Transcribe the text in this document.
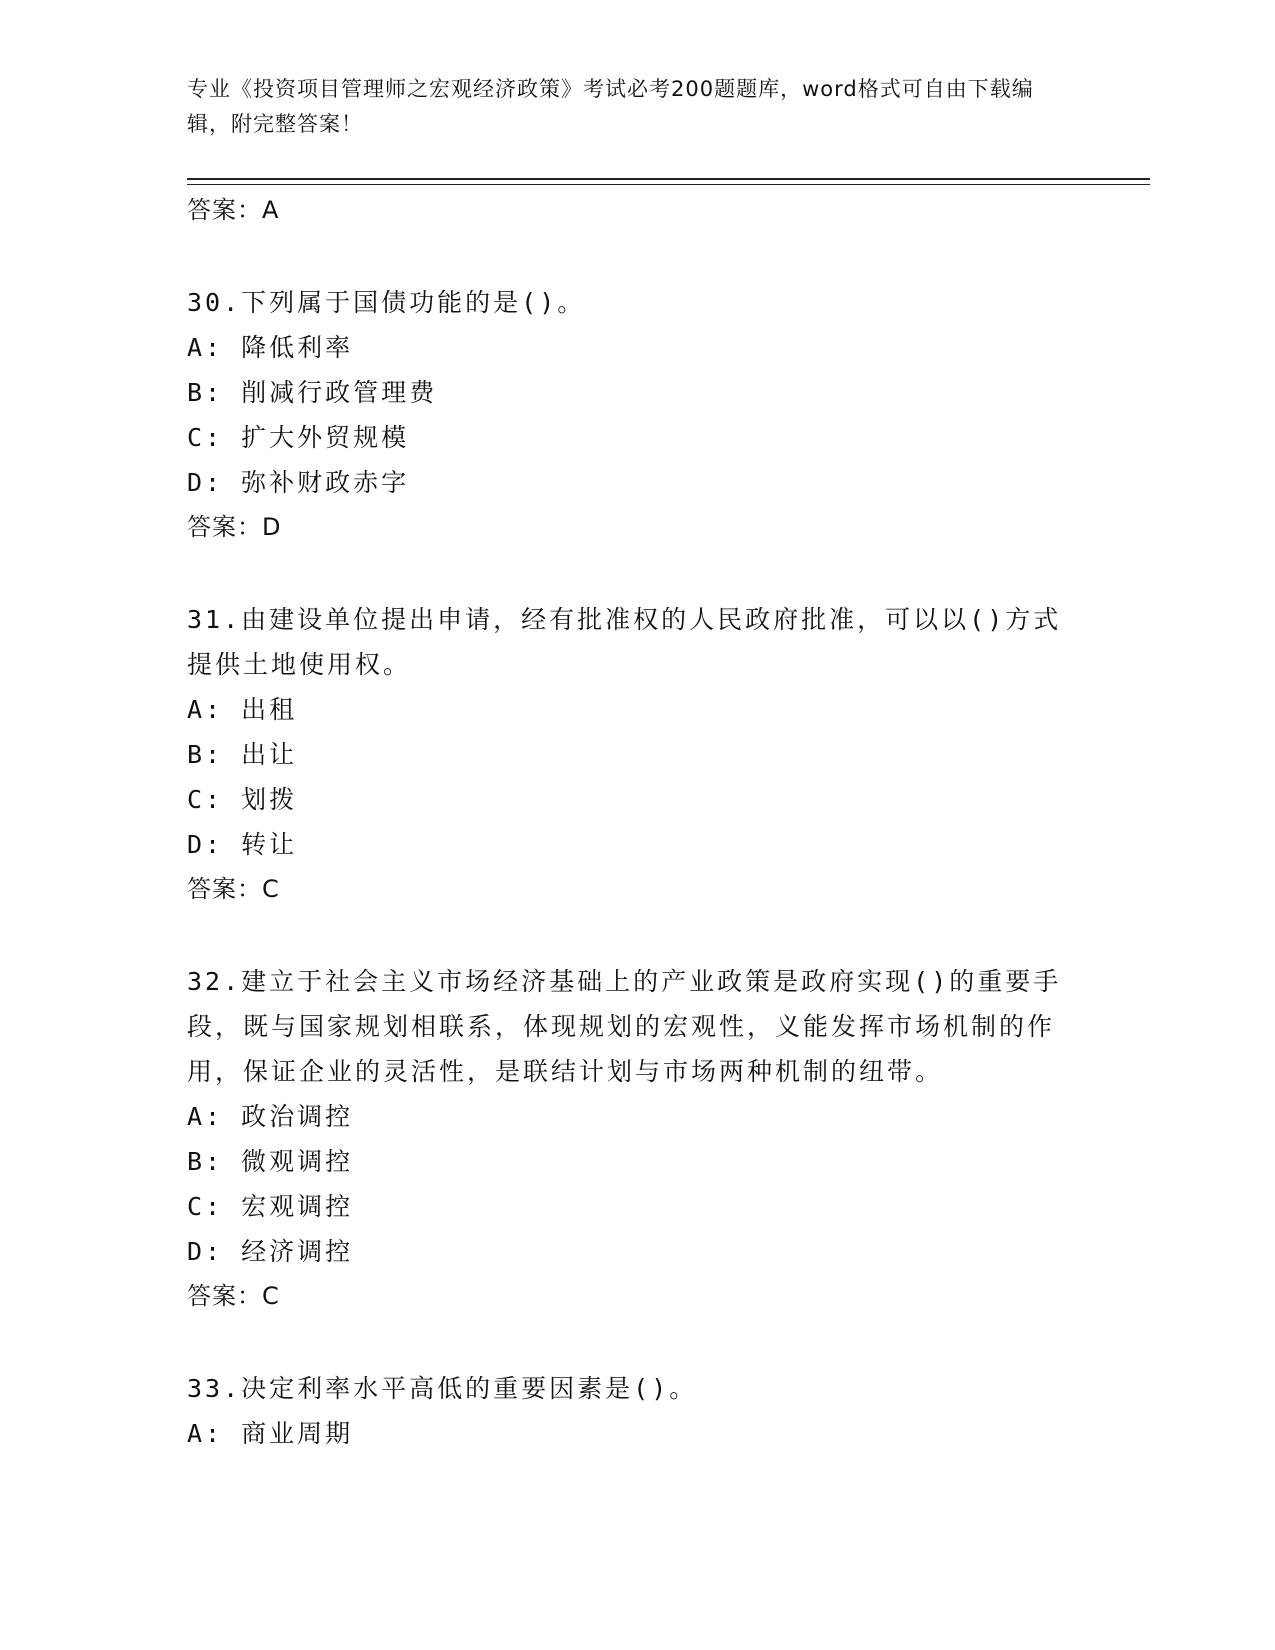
专业《投资项目管理师之宏观经济政策》考试必考200题题库，word格式可自由下载编辑，附完整答案！
答案：A
30.下列属于国债功能的是()。
A: 降低利率
B: 削减行政管理费
C: 扩大外贸规模
D: 弥补财政赤字
答案：D
31.由建设单位提出申请，经有批准权的人民政府批准，可以以()方式提供土地使用权。
A: 出租
B: 出让
C: 划拨
D: 转让
答案：C
32.建立于社会主义市场经济基础上的产业政策是政府实现()的重要手段，既与国家规划相联系，体现规划的宏观性，义能发挥市场机制的作用，保证企业的灵活性，是联结计划与市场两种机制的纽带。
A: 政治调控
B: 微观调控
C: 宏观调控
D: 经济调控
答案：C
33.决定利率水平高低的重要因素是()。
A: 商业周期
